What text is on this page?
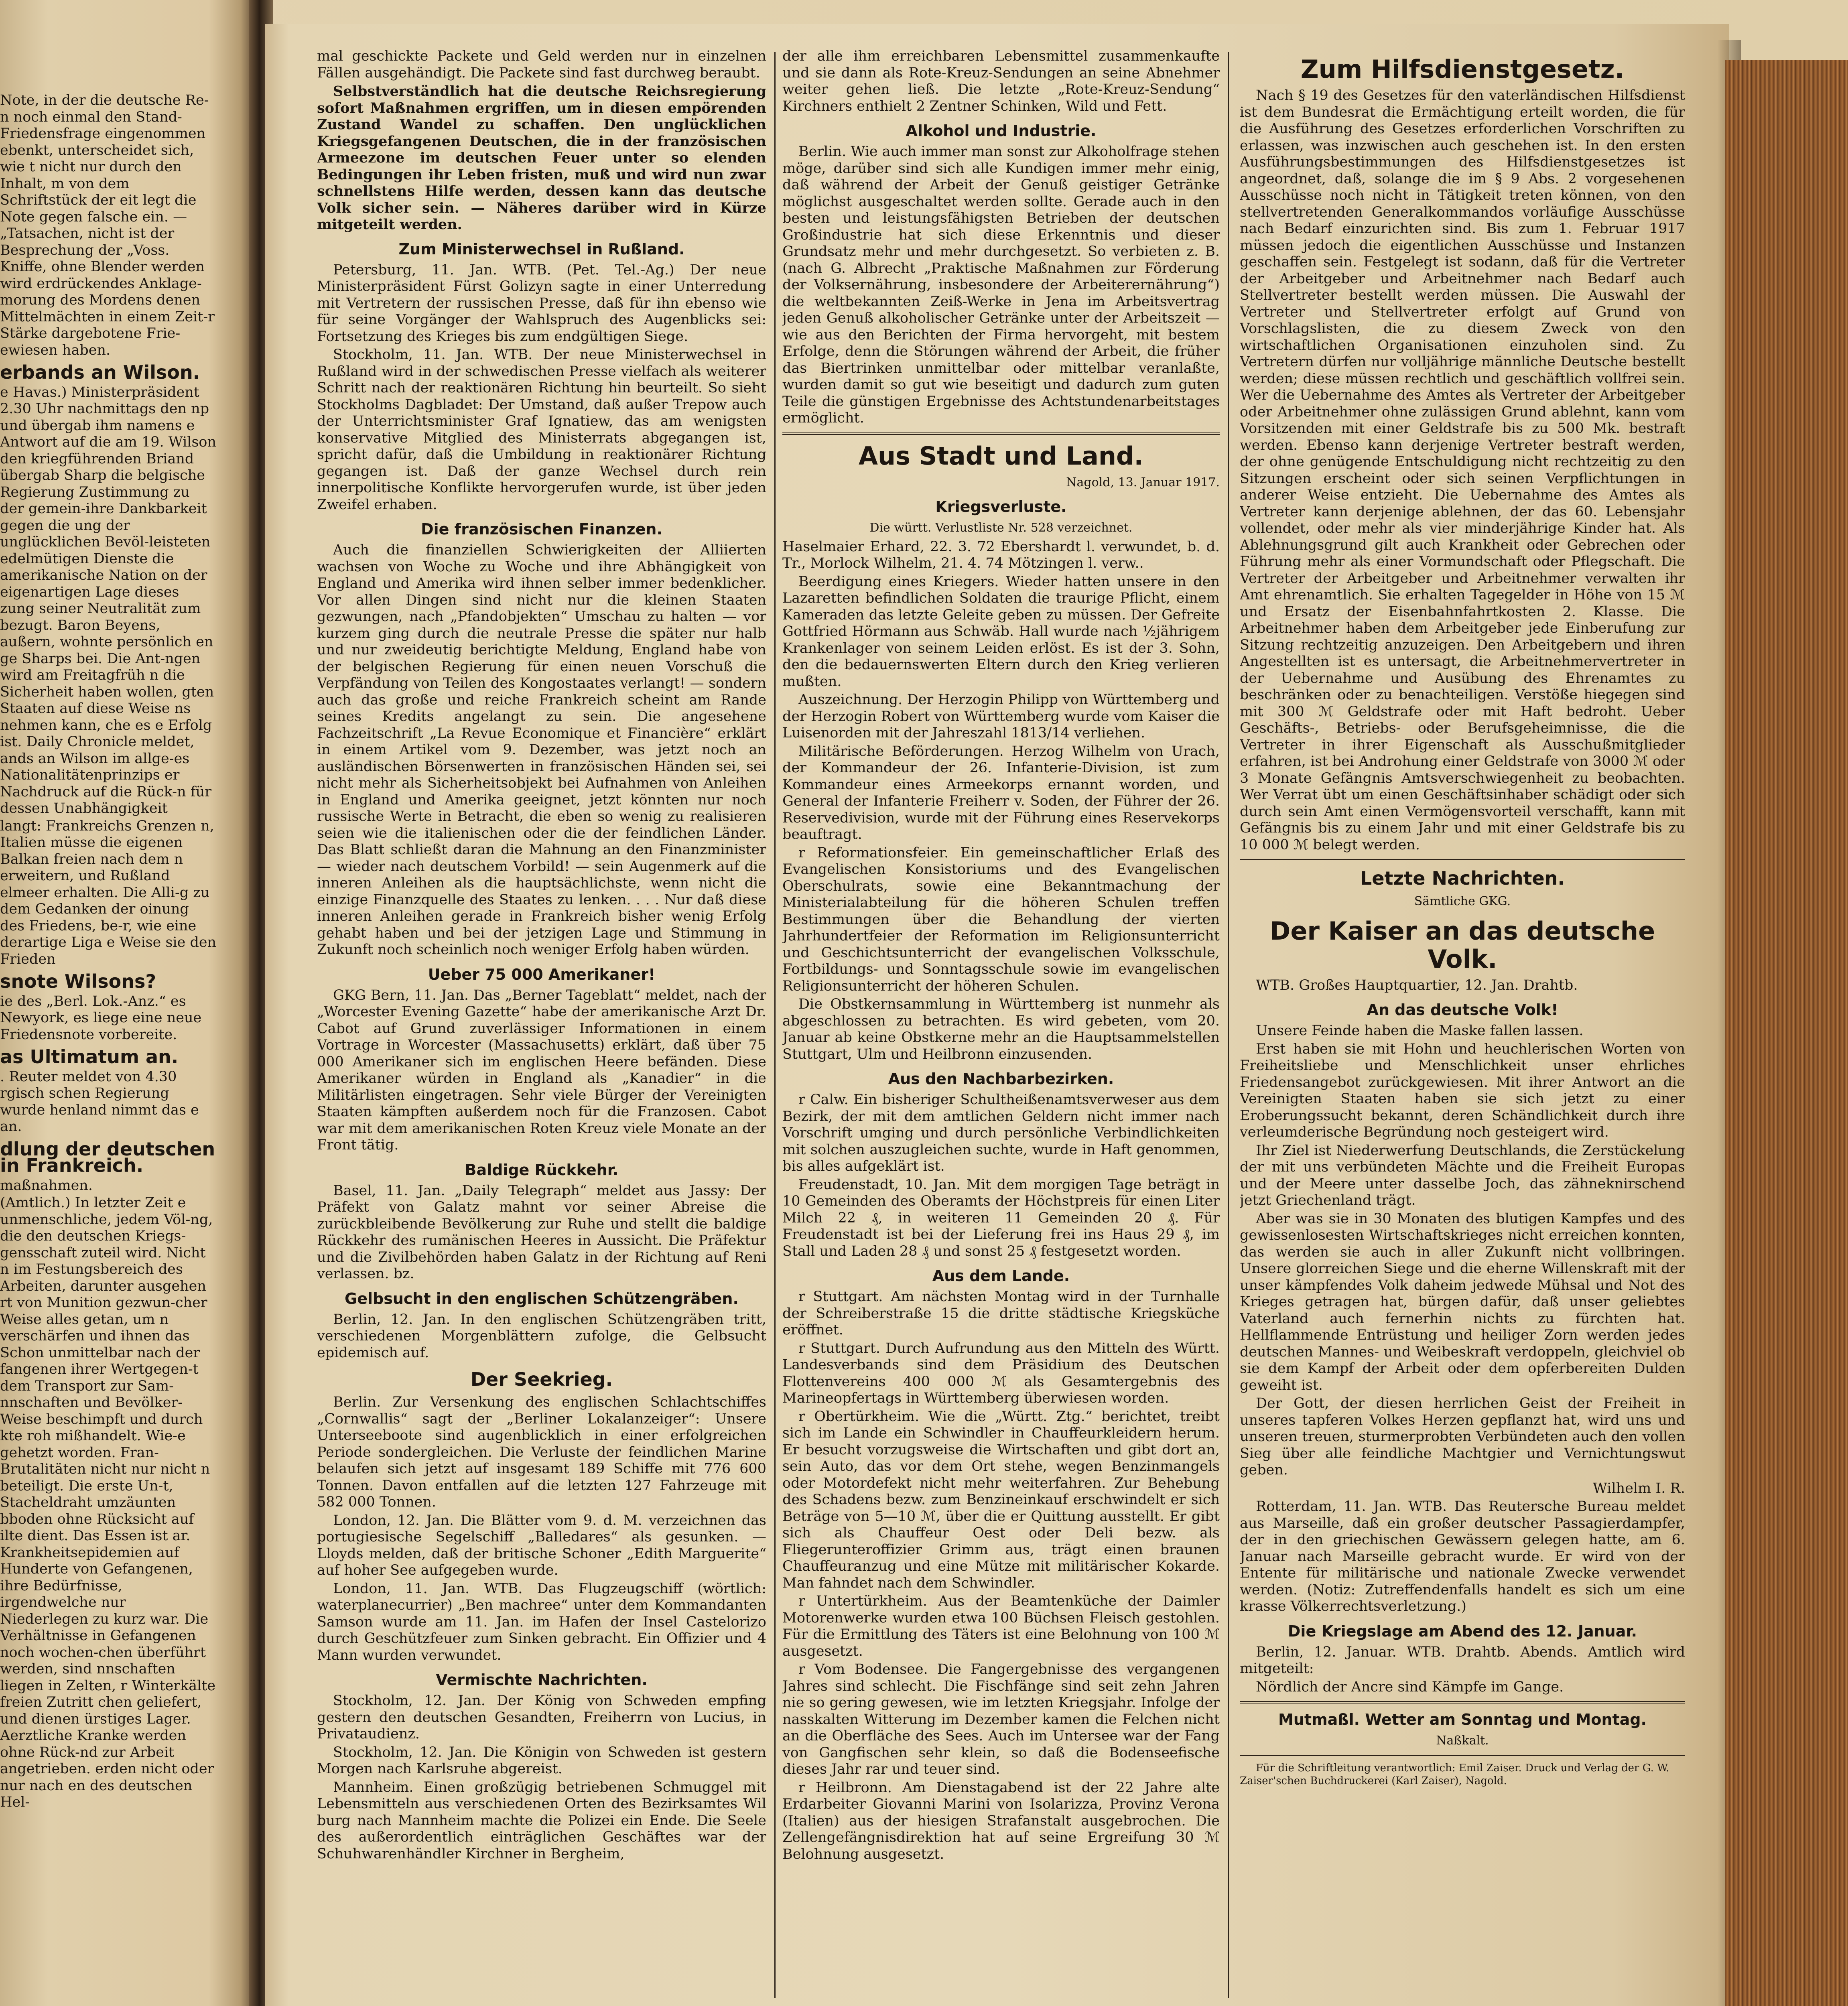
Note, in der die deutsche Re-n noch einmal den Stand- Friedensfrage eingenommen ebenkt, unterscheidet sich, wie t nicht nur durch den Inhalt, m von dem Schriftstück der eit legt die Note gegen falsche ein. — „Tatsachen, nicht ist der Besprechung der „Voss. Kniffe, ohne Blender werden wird erdrückendes Anklage-morung des Mordens denen Mittelmächten in einem Zeit-r Stärke dargebotene Frie-ewiesen haben.

erbands an Wilson.

e Havas.) Ministerpräsident 2.30 Uhr nachmittags den np und übergab ihm namens e Antwort auf die am 19. Wilson den kriegführenden Briand übergab Sharp die belgische Regierung Zustimmung zu der gemein-ihre Dankbarkeit gegen die ung der unglücklichen Bevöl-leisteten edelmütigen Dienste die amerikanische Nation on der eigenartigen Lage dieses zung seiner Neutralität zum bezugt. Baron Beyens, außern, wohnte persönlich en ge Sharps bei. Die Ant-ngen wird am Freitagfrüh n die Sicherheit haben wollen, gten Staaten auf diese Weise ns nehmen kann, che es e Erfolg ist. Daily Chronicle meldet, ands an Wilson im allge-es Nationalitätenprinzips er Nachdruck auf die Rück-n für dessen Unabhängigkeit

langt: Frankreichs Grenzen n, Italien müsse die eigenen Balkan freien nach dem n erweitern, und Rußland elmeer erhalten. Die Alli-g zu dem Gedanken der oinung des Friedens, be-r, wie eine derartige Liga e Weise sie den Frieden

snote Wilsons?

ie des „Berl. Lok.-Anz.“ es Newyork, es liege eine neue Friedensnote vorbereite.

as Ultimatum an.

. Reuter meldet von 4.30 rgisch schen Regierung wurde henland nimmt das e an.

dlung der deutschen in Frankreich.

maßnahmen.

(Amtlich.) In letzter Zeit e unmenschliche, jedem Völ-ng, die den deutschen Kriegs-gensschaft zuteil wird. Nicht n im Festungsbereich des Arbeiten, darunter ausgehen rt von Munition gezwun-cher Weise alles getan, um n verschärfen und ihnen das Schon unmittelbar nach der fangenen ihrer Wertgegen-t dem Transport zur Sam-nnschaften und Bevölker-Weise beschimpft und durch kte roh mißhandelt. Wie-e gehetzt worden. Fran-Brutalitäten nicht nur nicht n beteiligt. Die erste Un-t, Stacheldraht umzäunten bboden ohne Rücksicht auf ilte dient. Das Essen ist ar. Krankheitsepidemien auf Hunderte von Gefangenen, ihre Bedürfnisse, irgendwelche nur Niederlegen zu kurz war. Die Verhältnisse in Gefangenen noch wochen-chen überführt werden, sind nnschaften liegen in Zelten, r Winterkälte freien Zutritt chen geliefert, und dienen ürstiges Lager. Aerztliche Kranke werden ohne Rück-nd zur Arbeit angetrieben. erden nicht oder nur nach en des deutschen Hel-

mal geschickte Packete und Geld werden nur in einzelnen Fällen ausgehändigt. Die Packete sind fast durchweg beraubt.

Selbstverständlich hat die deutsche Reichsregierung sofort Maßnahmen ergriffen, um in diesen empörenden Zustand Wandel zu schaffen. Den unglücklichen Kriegsgefangenen Deutschen, die in der französischen Armeezone im deutschen Feuer unter so elenden Bedingungen ihr Leben fristen, muß und wird nun zwar schnellstens Hilfe werden, dessen kann das deutsche Volk sicher sein. — Näheres darüber wird in Kürze mitgeteilt werden.

Zum Ministerwechsel in Rußland.

Petersburg, 11. Jan. WTB. (Pet. Tel.-Ag.) Der neue Ministerpräsident Fürst Golizyn sagte in einer Unterredung mit Vertretern der russischen Presse, daß für ihn ebenso wie für seine Vorgänger der Wahlspruch des Augenblicks sei: Fortsetzung des Krieges bis zum endgültigen Siege.

Stockholm, 11. Jan. WTB. Der neue Ministerwechsel in Rußland wird in der schwedischen Presse vielfach als weiterer Schritt nach der reaktionären Richtung hin beurteilt. So sieht Stockholms Dagbladet: Der Umstand, daß außer Trepow auch der Unterrichtsminister Graf Ignatiew, das am wenigsten konservative Mitglied des Ministerrats abgegangen ist, spricht dafür, daß die Umbildung in reaktionärer Richtung gegangen ist. Daß der ganze Wechsel durch rein innerpolitische Konflikte hervorgerufen wurde, ist über jeden Zweifel erhaben.

Die französischen Finanzen.

Auch die finanziellen Schwierigkeiten der Alliierten wachsen von Woche zu Woche und ihre Abhängigkeit von England und Amerika wird ihnen selber immer bedenklicher. Vor allen Dingen sind nicht nur die kleinen Staaten gezwungen, nach „Pfandobjekten“ Umschau zu halten — vor kurzem ging durch die neutrale Presse die später nur halb und nur zweideutig berichtigte Meldung, England habe von der belgischen Regierung für einen neuen Vorschuß die Verpfändung von Teilen des Kongostaates verlangt! — sondern auch das große und reiche Frankreich scheint am Rande seines Kredits angelangt zu sein. Die angesehene Fachzeitschrift „La Revue Economique et Financière“ erklärt in einem Artikel vom 9. Dezember, was jetzt noch an ausländischen Börsenwerten in französischen Händen sei, sei nicht mehr als Sicherheitsobjekt bei Aufnahmen von Anleihen in England und Amerika geeignet, jetzt könnten nur noch russische Werte in Betracht, die eben so wenig zu realisieren seien wie die italienischen oder die der feindlichen Länder. Das Blatt schließt daran die Mahnung an den Finanzminister — wieder nach deutschem Vorbild! — sein Augenmerk auf die inneren Anleihen als die hauptsächlichste, wenn nicht die einzige Finanzquelle des Staates zu lenken. . . . Nur daß diese inneren Anleihen gerade in Frankreich bisher wenig Erfolg gehabt haben und bei der jetzigen Lage und Stimmung in Zukunft noch scheinlich noch weniger Erfolg haben würden.

Ueber 75 000 Amerikaner!

GKG Bern, 11. Jan. Das „Berner Tageblatt“ meldet, nach der „Worcester Evening Gazette“ habe der amerikanische Arzt Dr. Cabot auf Grund zuverlässiger Informationen in einem Vortrage in Worcester (Massachusetts) erklärt, daß über 75 000 Amerikaner sich im englischen Heere befänden. Diese Amerikaner würden in England als „Kanadier“ in die Militärlisten eingetragen. Sehr viele Bürger der Vereinigten Staaten kämpften außerdem noch für die Franzosen. Cabot war mit dem amerikanischen Roten Kreuz viele Monate an der Front tätig.

Baldige Rückkehr.

Basel, 11. Jan. „Daily Telegraph“ meldet aus Jassy: Der Präfekt von Galatz mahnt vor seiner Abreise die zurückbleibende Bevölkerung zur Ruhe und stellt die baldige Rückkehr des rumänischen Heeres in Aussicht. Die Präfektur und die Zivilbehörden haben Galatz in der Richtung auf Reni verlassen. bz.

Gelbsucht in den englischen Schützengräben.

Berlin, 12. Jan. In den englischen Schützengräben tritt, verschiedenen Morgenblättern zufolge, die Gelbsucht epidemisch auf.

Der Seekrieg.

Berlin. Zur Versenkung des englischen Schlachtschiffes „Cornwallis“ sagt der „Berliner Lokalanzeiger“: Unsere Unterseeboote sind augenblicklich in einer erfolgreichen Periode sondergleichen. Die Verluste der feindlichen Marine belaufen sich jetzt auf insgesamt 189 Schiffe mit 776 600 Tonnen. Davon entfallen auf die letzten 127 Fahrzeuge mit 582 000 Tonnen.

London, 12. Jan. Die Blätter vom 9. d. M. verzeichnen das portugiesische Segelschiff „Balledares“ als gesunken. — Lloyds melden, daß der britische Schoner „Edith Marguerite“ auf hoher See aufgegeben wurde.

London, 11. Jan. WTB. Das Flugzeugschiff (wörtlich: waterplanecurrier) „Ben machree“ unter dem Kommandanten Samson wurde am 11. Jan. im Hafen der Insel Castelorizo durch Geschützfeuer zum Sinken gebracht. Ein Offizier und 4 Mann wurden verwundet.

Vermischte Nachrichten.

Stockholm, 12. Jan. Der König von Schweden empfing gestern den deutschen Gesandten, Freiherrn von Lucius, in Privataudienz.

Stockholm, 12. Jan. Die Königin von Schweden ist gestern Morgen nach Karlsruhe abgereist.

Mannheim. Einen großzügig betriebenen Schmuggel mit Lebensmitteln aus verschiedenen Orten des Bezirksamtes Wil burg nach Mannheim machte die Polizei ein Ende. Die Seele des außerordentlich einträglichen Geschäftes war der Schuhwarenhändler Kirchner in Bergheim,

der alle ihm erreichbaren Lebensmittel zusammenkaufte und sie dann als Rote-Kreuz-Sendungen an seine Abnehmer weiter gehen ließ. Die letzte „Rote-Kreuz-Sendung“ Kirchners enthielt 2 Zentner Schinken, Wild und Fett.

Alkohol und Industrie.

Berlin. Wie auch immer man sonst zur Alkoholfrage stehen möge, darüber sind sich alle Kundigen immer mehr einig, daß während der Arbeit der Genuß geistiger Getränke möglichst ausgeschaltet werden sollte. Gerade auch in den besten und leistungsfähigsten Betrieben der deutschen Großindustrie hat sich diese Erkenntnis und dieser Grundsatz mehr und mehr durchgesetzt. So verbieten z. B. (nach G. Albrecht „Praktische Maßnahmen zur Förderung der Volksernährung, insbesondere der Arbeiterernährung“) die weltbekannten Zeiß-Werke in Jena im Arbeitsvertrag jeden Genuß alkoholischer Getränke unter der Arbeitszeit — wie aus den Berichten der Firma hervorgeht, mit bestem Erfolge, denn die Störungen während der Arbeit, die früher das Biertrinken unmittelbar oder mittelbar veranlaßte, wurden damit so gut wie beseitigt und dadurch zum guten Teile die günstigen Ergebnisse des Achtstundenarbeitstages ermöglicht.

Aus Stadt und Land.
Nagold, 13. Januar 1917.
Kriegsverluste.
Die württ. Verlustliste Nr. 528 verzeichnet.

Haselmaier Erhard, 22. 3. 72 Ebershardt l. verwundet, b. d. Tr., Morlock Wilhelm, 21. 4. 74 Mötzingen l. verw..

Beerdigung eines Kriegers. Wieder hatten unsere in den Lazaretten befindlichen Soldaten die traurige Pflicht, einem Kameraden das letzte Geleite geben zu müssen. Der Gefreite Gottfried Hörmann aus Schwäb. Hall wurde nach ½jährigem Krankenlager von seinem Leiden erlöst. Es ist der 3. Sohn, den die bedauernswerten Eltern durch den Krieg verlieren mußten.

Auszeichnung. Der Herzogin Philipp von Württemberg und der Herzogin Robert von Württemberg wurde vom Kaiser die Luisenorden mit der Jahreszahl 1813/14 verliehen.

Militärische Beförderungen. Herzog Wilhelm von Urach, der Kommandeur der 26. Infanterie-Division, ist zum Kommandeur eines Armeekorps ernannt worden, und General der Infanterie Freiherr v. Soden, der Führer der 26. Reservedivision, wurde mit der Führung eines Reservekorps beauftragt.

r Reformationsfeier. Ein gemeinschaftlicher Erlaß des Evangelischen Konsistoriums und des Evangelischen Oberschulrats, sowie eine Bekanntmachung der Ministerialabteilung für die höheren Schulen treffen Bestimmungen über die Behandlung der vierten Jahrhundertfeier der Reformation im Religionsunterricht und Geschichtsunterricht der evangelischen Volksschule, Fortbildungs- und Sonntagsschule sowie im evangelischen Religionsunterricht der höheren Schulen.

Die Obstkernsammlung in Württemberg ist nunmehr als abgeschlossen zu betrachten. Es wird gebeten, vom 20. Januar ab keine Obstkerne mehr an die Hauptsammelstellen Stuttgart, Ulm und Heilbronn einzusenden.

Aus den Nachbarbezirken.

r Calw. Ein bisheriger Schultheißenamtsverweser aus dem Bezirk, der mit dem amtlichen Geldern nicht immer nach Vorschrift umging und durch persönliche Verbindlichkeiten mit solchen auszugleichen suchte, wurde in Haft genommen, bis alles aufgeklärt ist.

Freudenstadt, 10. Jan. Mit dem morgigen Tage beträgt in 10 Gemeinden des Oberamts der Höchstpreis für einen Liter Milch 22 ₰, in weiteren 11 Gemeinden 20 ₰. Für Freudenstadt ist bei der Lieferung frei ins Haus 29 ₰, im Stall und Laden 28 ₰ und sonst 25 ₰ festgesetzt worden.

Aus dem Lande.

r Stuttgart. Am nächsten Montag wird in der Turnhalle der Schreiberstraße 15 die dritte städtische Kriegsküche eröffnet.

r Stuttgart. Durch Aufrundung aus den Mitteln des Württ. Landesverbands sind dem Präsidium des Deutschen Flottenvereins 400 000 ℳ als Gesamtergebnis des Marineopfertags in Württemberg überwiesen worden.

r Obertürkheim. Wie die „Württ. Ztg.“ berichtet, treibt sich im Lande ein Schwindler in Chauffeurkleidern herum. Er besucht vorzugsweise die Wirtschaften und gibt dort an, sein Auto, das vor dem Ort stehe, wegen Benzinmangels oder Motordefekt nicht mehr weiterfahren. Zur Behebung des Schadens bezw. zum Benzineinkauf erschwindelt er sich Beträge von 5—10 ℳ, über die er Quittung ausstellt. Er gibt sich als Chauffeur Oest oder Deli bezw. als Fliegerunteroffizier Grimm aus, trägt einen braunen Chauffeuranzug und eine Mütze mit militärischer Kokarde. Man fahndet nach dem Schwindler.

r Untertürkheim. Aus der Beamtenküche der Daimler Motorenwerke wurden etwa 100 Büchsen Fleisch gestohlen. Für die Ermittlung des Täters ist eine Belohnung von 100 ℳ ausgesetzt.

r Vom Bodensee. Die Fangergebnisse des vergangenen Jahres sind schlecht. Die Fischfänge sind seit zehn Jahren nie so gering gewesen, wie im letzten Kriegsjahr. Infolge der nasskalten Witterung im Dezember kamen die Felchen nicht an die Oberfläche des Sees. Auch im Untersee war der Fang von Gangfischen sehr klein, so daß die Bodenseefische dieses Jahr rar und teuer sind.

r Heilbronn. Am Dienstagabend ist der 22 Jahre alte Erdarbeiter Giovanni Marini von Isolarizza, Provinz Verona (Italien) aus der hiesigen Strafanstalt ausgebrochen. Die Zellengefängnisdirektion hat auf seine Ergreifung 30 ℳ Belohnung ausgesetzt.

Zum Hilfsdienstgesetz.

Nach § 19 des Gesetzes für den vaterländischen Hilfsdienst ist dem Bundesrat die Ermächtigung erteilt worden, die für die Ausführung des Gesetzes erforderlichen Vorschriften zu erlassen, was inzwischen auch geschehen ist. In den ersten Ausführungsbestimmungen des Hilfsdienstgesetzes ist angeordnet, daß, solange die im § 9 Abs. 2 vorgesehenen Ausschüsse noch nicht in Tätigkeit treten können, von den stellvertretenden Generalkommandos vorläufige Ausschüsse nach Bedarf einzurichten sind. Bis zum 1. Februar 1917 müssen jedoch die eigentlichen Ausschüsse und Instanzen geschaffen sein. Festgelegt ist sodann, daß für die Vertreter der Arbeitgeber und Arbeitnehmer nach Bedarf auch Stellvertreter bestellt werden müssen. Die Auswahl der Vertreter und Stellvertreter erfolgt auf Grund von Vorschlagslisten, die zu diesem Zweck von den wirtschaftlichen Organisationen einzuholen sind. Zu Vertretern dürfen nur volljährige männliche Deutsche bestellt werden; diese müssen rechtlich und geschäftlich vollfrei sein. Wer die Uebernahme des Amtes als Vertreter der Arbeitgeber oder Arbeitnehmer ohne zulässigen Grund ablehnt, kann vom Vorsitzenden mit einer Geldstrafe bis zu 500 Mk. bestraft werden. Ebenso kann derjenige Vertreter bestraft werden, der ohne genügende Entschuldigung nicht rechtzeitig zu den Sitzungen erscheint oder sich seinen Verpflichtungen in anderer Weise entzieht. Die Uebernahme des Amtes als Vertreter kann derjenige ablehnen, der das 60. Lebensjahr vollendet, oder mehr als vier minderjährige Kinder hat. Als Ablehnungsgrund gilt auch Krankheit oder Gebrechen oder Führung mehr als einer Vormundschaft oder Pflegschaft. Die Vertreter der Arbeitgeber und Arbeitnehmer verwalten ihr Amt ehrenamtlich. Sie erhalten Tagegelder in Höhe von 15 ℳ und Ersatz der Eisenbahnfahrtkosten 2. Klasse. Die Arbeitnehmer haben dem Arbeitgeber jede Einberufung zur Sitzung rechtzeitig anzuzeigen. Den Arbeitgebern und ihren Angestellten ist es untersagt, die Arbeitnehmervertreter in der Uebernahme und Ausübung des Ehrenamtes zu beschränken oder zu benachteiligen. Verstöße hiegegen sind mit 300 ℳ Geldstrafe oder mit Haft bedroht. Ueber Geschäfts-, Betriebs- oder Berufsgeheimnisse, die die Vertreter in ihrer Eigenschaft als Ausschußmitglieder erfahren, ist bei Androhung einer Geldstrafe von 3000 ℳ oder 3 Monate Gefängnis Amtsverschwiegenheit zu beobachten. Wer Verrat übt um einen Geschäftsinhaber schädigt oder sich durch sein Amt einen Vermögensvorteil verschafft, kann mit Gefängnis bis zu einem Jahr und mit einer Geldstrafe bis zu 10 000 ℳ belegt werden.

Letzte Nachrichten.
Sämtliche GKG.
Der Kaiser an das deutsche Volk.

WTB. Großes Hauptquartier, 12. Jan. Drahtb.

An das deutsche Volk!

Unsere Feinde haben die Maske fallen lassen.

Erst haben sie mit Hohn und heuchlerischen Worten von Freiheitsliebe und Menschlichkeit unser ehrliches Friedensangebot zurückgewiesen. Mit ihrer Antwort an die Vereinigten Staaten haben sie sich jetzt zu einer Eroberungssucht bekannt, deren Schändlichkeit durch ihre verleumderische Begründung noch gesteigert wird.

Ihr Ziel ist Niederwerfung Deutschlands, die Zerstückelung der mit uns verbündeten Mächte und die Freiheit Europas und der Meere unter dasselbe Joch, das zähneknirschend jetzt Griechenland trägt.

Aber was sie in 30 Monaten des blutigen Kampfes und des gewissenlosesten Wirtschaftskrieges nicht erreichen konnten, das werden sie auch in aller Zukunft nicht vollbringen. Unsere glorreichen Siege und die eherne Willenskraft mit der unser kämpfendes Volk daheim jedwede Mühsal und Not des Krieges getragen hat, bürgen dafür, daß unser geliebtes Vaterland auch fernerhin nichts zu fürchten hat. Hellflammende Entrüstung und heiliger Zorn werden jedes deutschen Mannes- und Weibeskraft verdoppeln, gleichviel ob sie dem Kampf der Arbeit oder dem opferbereiten Dulden geweiht ist.

Der Gott, der diesen herrlichen Geist der Freiheit in unseres tapferen Volkes Herzen gepflanzt hat, wird uns und unseren treuen, sturmerprobten Verbündeten auch den vollen Sieg über alle feindliche Machtgier und Vernichtungswut geben.

Wilhelm I. R.

Rotterdam, 11. Jan. WTB. Das Reutersche Bureau meldet aus Marseille, daß ein großer deutscher Passagierdampfer, der in den griechischen Gewässern gelegen hatte, am 6. Januar nach Marseille gebracht wurde. Er wird von der Entente für militärische und nationale Zwecke verwendet werden. (Notiz: Zutreffendenfalls handelt es sich um eine krasse Völkerrechtsverletzung.)

Die Kriegslage am Abend des 12. Januar.

Berlin, 12. Januar. WTB. Drahtb. Abends. Amtlich wird mitgeteilt:

Nördlich der Ancre sind Kämpfe im Gange.

Mutmaßl. Wetter am Sonntag und Montag.
Naßkalt.

Für die Schriftleitung verantwortlich: Emil Zaiser. Druck und Verlag der G. W. Zaiser'schen Buchdruckerei (Karl Zaiser), Nagold.
